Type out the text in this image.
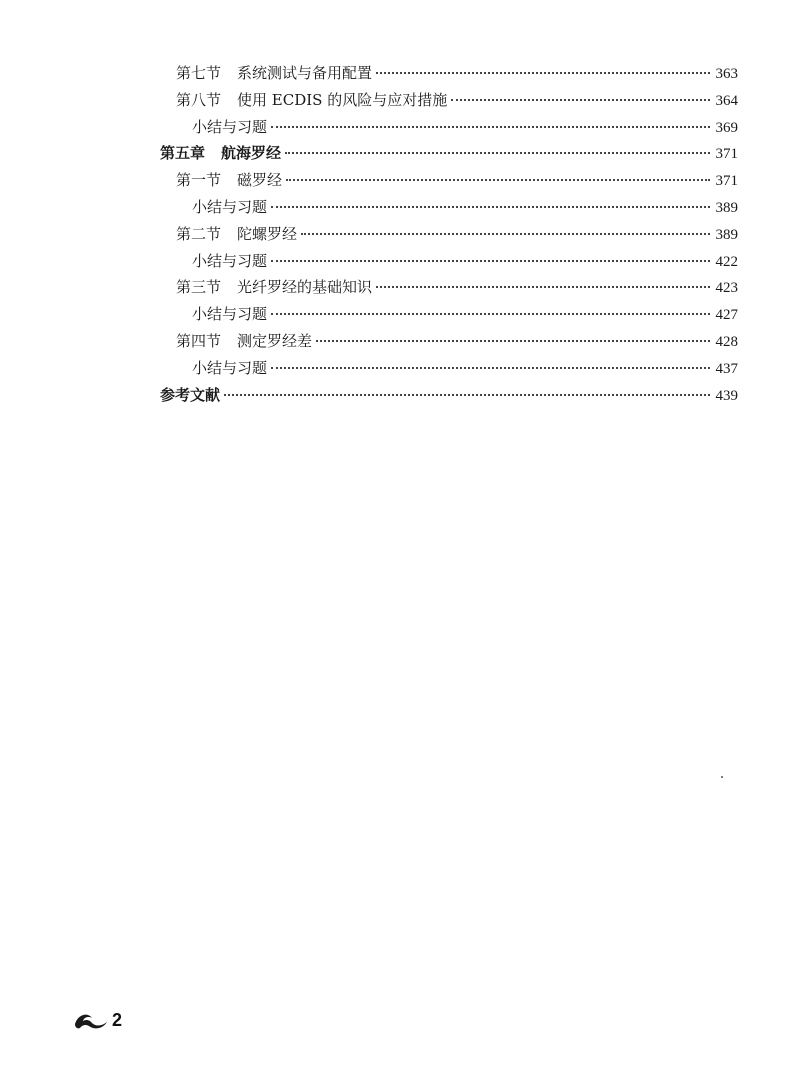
第七节 系统测试与备用配置	363
第八节 使用 ECDIS 的风险与应对措施	364
小结与习题	369
第五章 航海罗经	371
第一节 磁罗经	371
小结与习题	389
第二节 陀螺罗经	389
小结与习题	422
第三节 光纤罗经的基础知识	423
小结与习题	427
第四节 测定罗经差	428
小结与习题	437
参考文献	439
2
